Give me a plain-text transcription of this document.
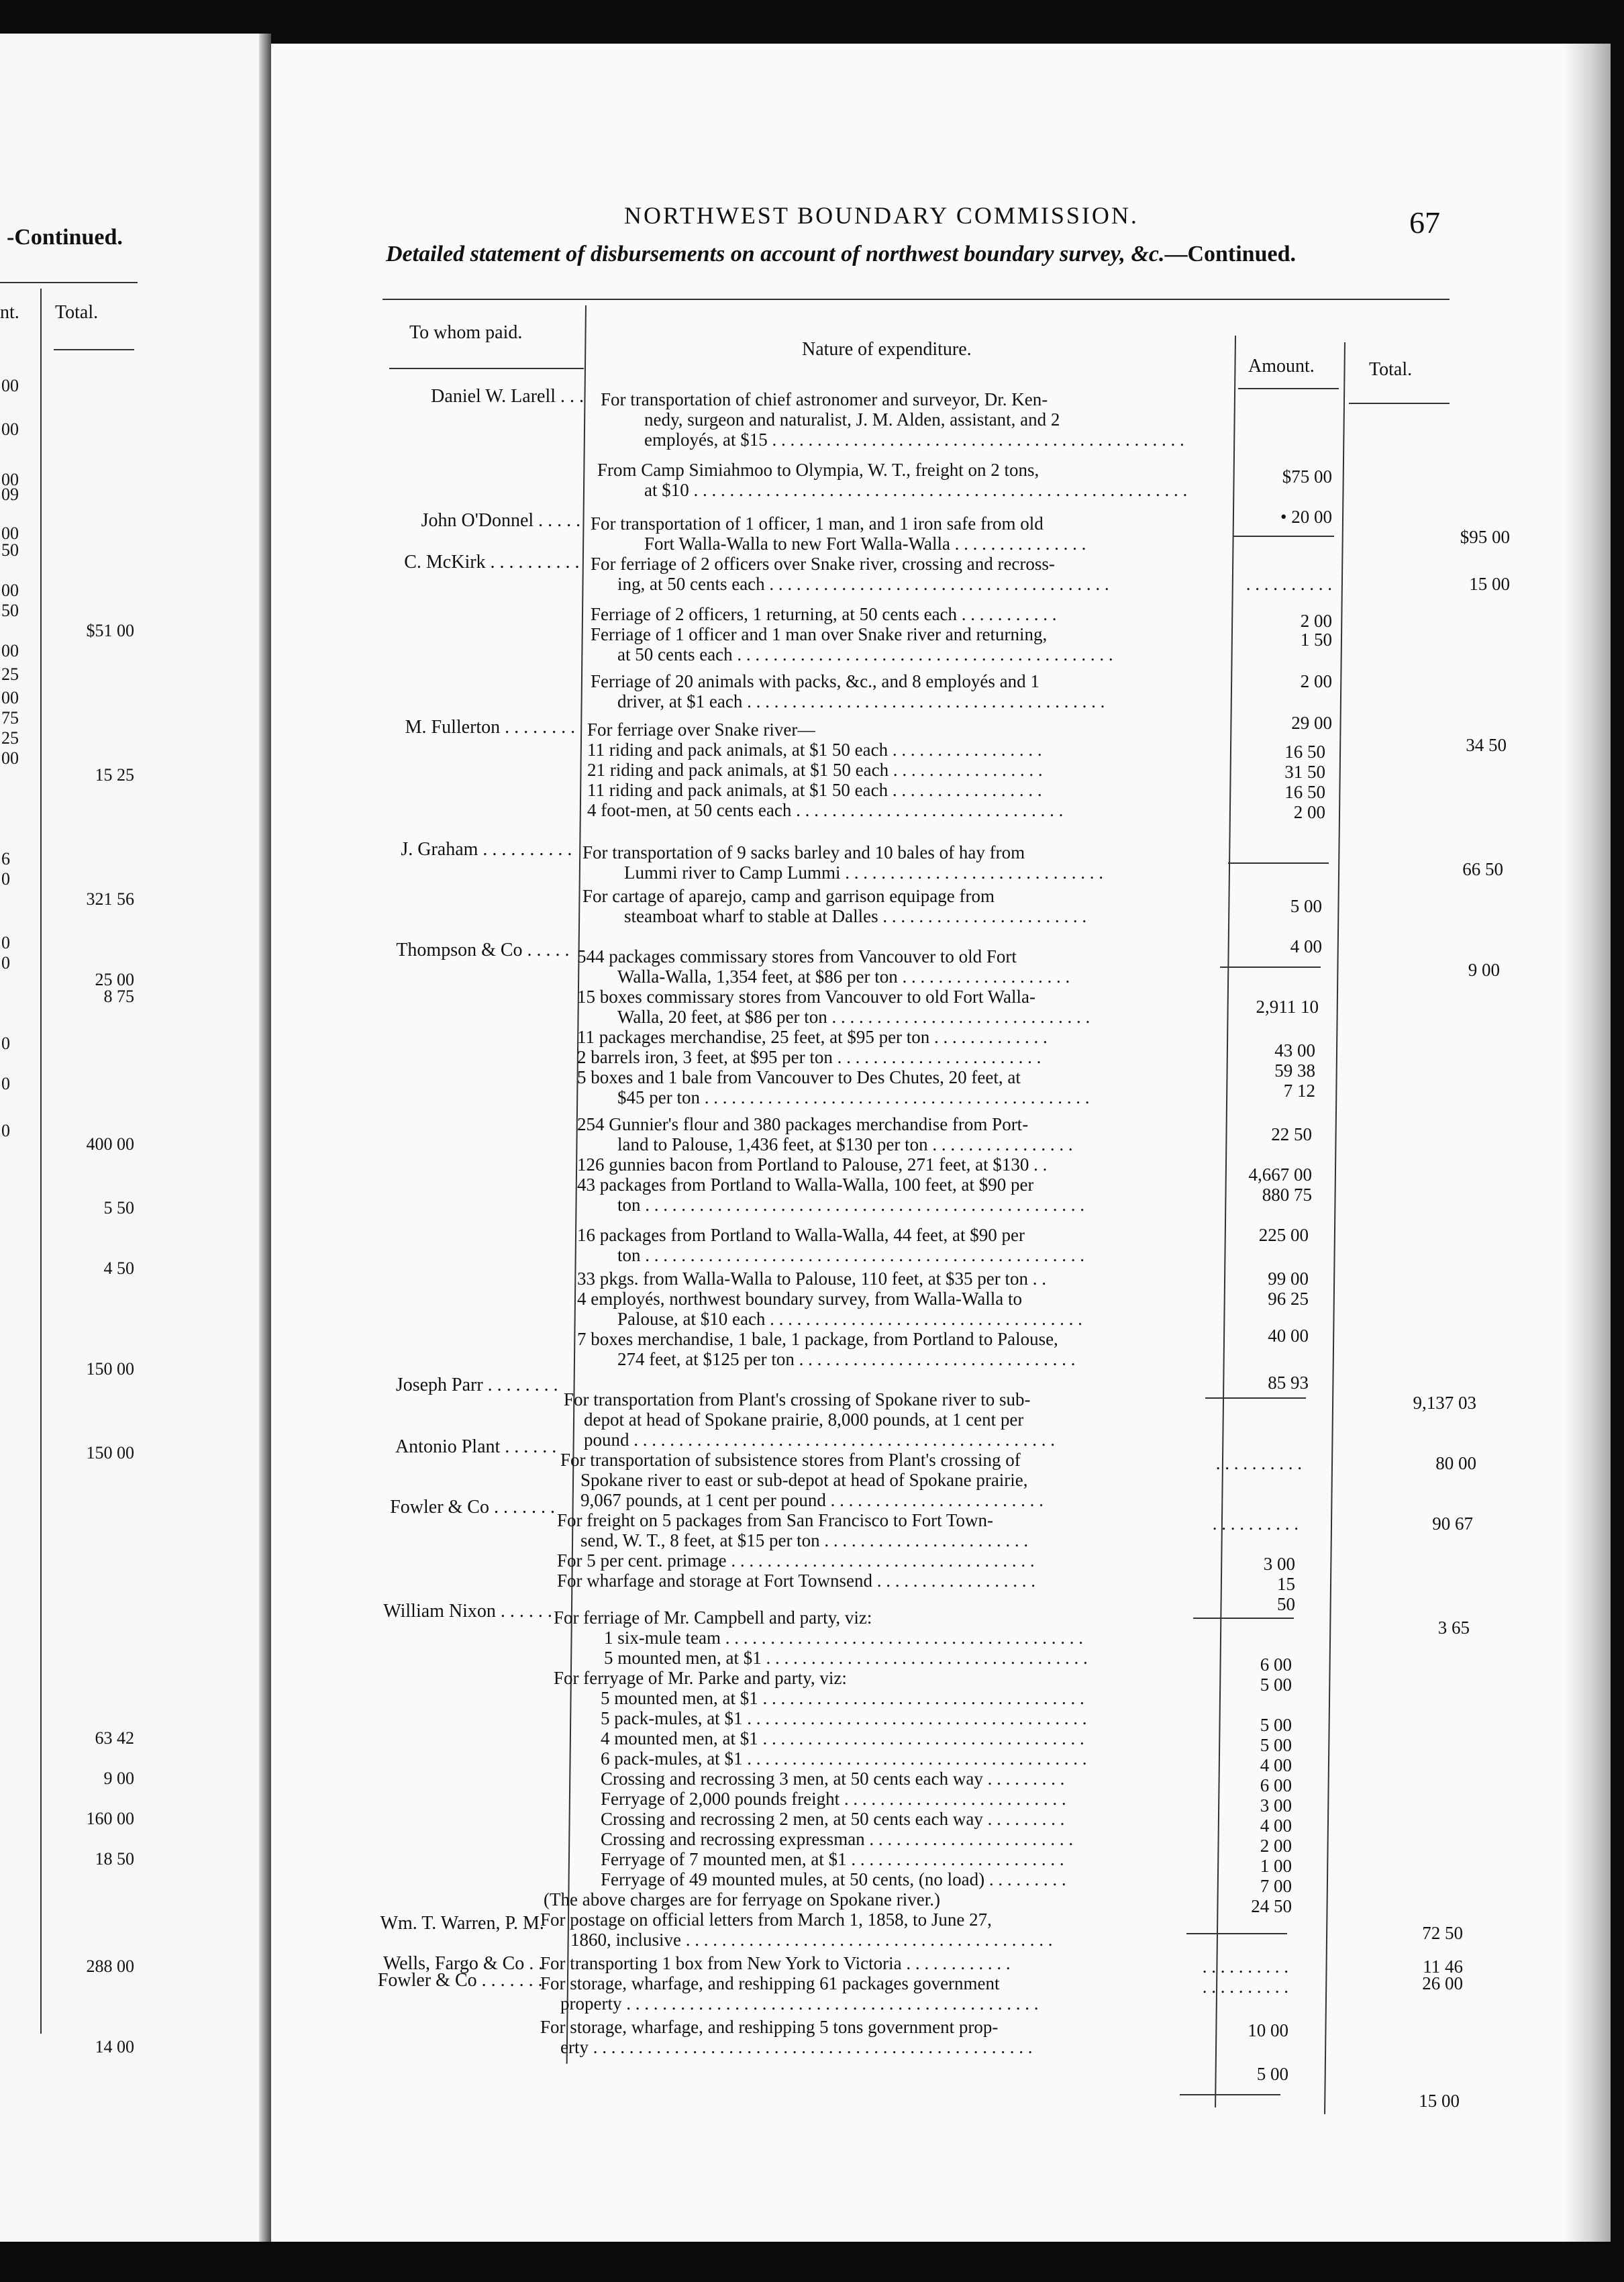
-Continued.
nt. Total.
00
00
00
09
00
50
00
50
00
25
00
75
25
00
6
0
0
0
0
0
0
$51 00
15 25
321 56
25 00
8 75
400 00
5 50
4 50
150 00
150 00
63 42
9 00
160 00
18 50
288 00
14 00
NORTHWEST BOUNDARY COMMISSION.	67
Detailed statement of disbursements on account of northwest boundary survey, &c.—Continued.
To whom paid.
Nature of expenditure.
Amount.	Total.
Daniel W. Larell . . .
John O'Donnel . . . . .
C. McKirk . . . . . . . . . .
M. Fullerton . . . . . . . .
J. Graham . . . . . . . . . .
Thompson & Co . . . . .
Joseph Parr . . . . . . . .
Antonio Plant . . . . . .
Fowler & Co . . . . . . .
William Nixon . . . . . .
Wm. T. Warren, P. M.
Wells, Fargo & Co . .
Fowler & Co . . . . . . .
For transportation of chief astronomer and surveyor, Dr. Ken-
nedy, surgeon and naturalist, J. M. Alden, assistant, and 2
employés, at $15 . . . . . . . . . . . . . . . . . . . . . . . . . . . . . . . . . . . . . . . . . . . . . .
From Camp Simiahmoo to Olympia, W. T., freight on 2 tons,
at $10 . . . . . . . . . . . . . . . . . . . . . . . . . . . . . . . . . . . . . . . . . . . . . . . . . . . . . . .
For transportation of 1 officer, 1 man, and 1 iron safe from old
Fort Walla-Walla to new Fort Walla-Walla . . . . . . . . . . . . . . .
For ferriage of 2 officers over Snake river, crossing and recross-
ing, at 50 cents each . . . . . . . . . . . . . . . . . . . . . . . . . . . . . . . . . . . . . .
Ferriage of 2 officers, 1 returning, at 50 cents each . . . . . . . . . . .
Ferriage of 1 officer and 1 man over Snake river and returning,
at 50 cents each . . . . . . . . . . . . . . . . . . . . . . . . . . . . . . . . . . . . . . . . . .
Ferriage of 20 animals with packs, &c., and 8 employés and 1
driver, at $1 each . . . . . . . . . . . . . . . . . . . . . . . . . . . . . . . . . . . . . . . .
For ferriage over Snake river—
11 riding and pack animals, at $1 50 each . . . . . . . . . . . . . . . . .
21 riding and pack animals, at $1 50 each . . . . . . . . . . . . . . . . .
11 riding and pack animals, at $1 50 each . . . . . . . . . . . . . . . . .
4 foot-men, at 50 cents each . . . . . . . . . . . . . . . . . . . . . . . . . . . . . .
For transportation of 9 sacks barley and 10 bales of hay from
Lummi river to Camp Lummi . . . . . . . . . . . . . . . . . . . . . . . . . . . . .
For cartage of aparejo, camp and garrison equipage from
steamboat wharf to stable at Dalles . . . . . . . . . . . . . . . . . . . . . . .
544 packages commissary stores from Vancouver to old Fort
Walla-Walla, 1,354 feet, at $86 per ton . . . . . . . . . . . . . . . . . . .
15 boxes commissary stores from Vancouver to old Fort Walla-
Walla, 20 feet, at $86 per ton . . . . . . . . . . . . . . . . . . . . . . . . . . . . .
11 packages merchandise, 25 feet, at $95 per ton . . . . . . . . . . . . .
2 barrels iron, 3 feet, at $95 per ton . . . . . . . . . . . . . . . . . . . . . . .
5 boxes and 1 bale from Vancouver to Des Chutes, 20 feet, at
$45 per ton . . . . . . . . . . . . . . . . . . . . . . . . . . . . . . . . . . . . . . . . . . .
254 Gunnier's flour and 380 packages merchandise from Port-
land to Palouse, 1,436 feet, at $130 per ton . . . . . . . . . . . . . . . .
126 gunnies bacon from Portland to Palouse, 271 feet, at $130 . .
43 packages from Portland to Walla-Walla, 100 feet, at $90 per
ton . . . . . . . . . . . . . . . . . . . . . . . . . . . . . . . . . . . . . . . . . . . . . . . . .
16 packages from Portland to Walla-Walla, 44 feet, at $90 per
ton . . . . . . . . . . . . . . . . . . . . . . . . . . . . . . . . . . . . . . . . . . . . . . . . .
33 pkgs. from Walla-Walla to Palouse, 110 feet, at $35 per ton . .
4 employés, northwest boundary survey, from Walla-Walla to
Palouse, at $10 each . . . . . . . . . . . . . . . . . . . . . . . . . . . . . . . . . . .
7 boxes merchandise, 1 bale, 1 package, from Portland to Palouse,
274 feet, at $125 per ton . . . . . . . . . . . . . . . . . . . . . . . . . . . . . . .
For transportation from Plant's crossing of Spokane river to sub-
depot at head of Spokane prairie, 8,000 pounds, at 1 cent per
pound . . . . . . . . . . . . . . . . . . . . . . . . . . . . . . . . . . . . . . . . . . . . . . .
For transportation of subsistence stores from Plant's crossing of
Spokane river to east or sub-depot at head of Spokane prairie,
9,067 pounds, at 1 cent per pound . . . . . . . . . . . . . . . . . . . . . . . .
For freight on 5 packages from San Francisco to Fort Town-
send, W. T., 8 feet, at $15 per ton . . . . . . . . . . . . . . . . . . . . . . .
For 5 per cent. primage . . . . . . . . . . . . . . . . . . . . . . . . . . . . . . . . . .
For wharfage and storage at Fort Townsend . . . . . . . . . . . . . . . . . .
For ferriage of Mr. Campbell and party, viz:
1 six-mule team . . . . . . . . . . . . . . . . . . . . . . . . . . . . . . . . . . . . . . . .
5 mounted men, at $1 . . . . . . . . . . . . . . . . . . . . . . . . . . . . . . . . . . . .
For ferryage of Mr. Parke and party, viz:
5 mounted men, at $1 . . . . . . . . . . . . . . . . . . . . . . . . . . . . . . . . . . . .
5 pack-mules, at $1 . . . . . . . . . . . . . . . . . . . . . . . . . . . . . . . . . . . . . .
4 mounted men, at $1 . . . . . . . . . . . . . . . . . . . . . . . . . . . . . . . . . . . .
6 pack-mules, at $1 . . . . . . . . . . . . . . . . . . . . . . . . . . . . . . . . . . . . . .
Crossing and recrossing 3 men, at 50 cents each way . . . . . . . . .
Ferryage of 2,000 pounds freight . . . . . . . . . . . . . . . . . . . . . . . . .
Crossing and recrossing 2 men, at 50 cents each way . . . . . . . . .
Crossing and recrossing expressman . . . . . . . . . . . . . . . . . . . . . . .
Ferryage of 7 mounted men, at $1 . . . . . . . . . . . . . . . . . . . . . . . .
Ferryage of 49 mounted mules, at 50 cents, (no load) . . . . . . . . .
(The above charges are for ferryage on Spokane river.)
For postage on official letters from March 1, 1858, to June 27,
1860, inclusive . . . . . . . . . . . . . . . . . . . . . . . . . . . . . . . . . . . . . . . . .
For transporting 1 box from New York to Victoria . . . . . . . . . . . .
For storage, wharfage, and reshipping 61 packages government
property . . . . . . . . . . . . . . . . . . . . . . . . . . . . . . . . . . . . . . . . . . . . . .
For storage, wharfage, and reshipping 5 tons government prop-
erty . . . . . . . . . . . . . . . . . . . . . . . . . . . . . . . . . . . . . . . . . . . . . . . . .
$75 00
• 20 00
. . . . . . . . . .
2 00
1 50
2 00
29 00
16 50
31 50
16 50
2 00
5 00
4 00
2,911 10
43 00
59 38
7 12
22 50
4,667 00
880 75
225 00
99 00
96 25
40 00
85 93
. . . . . . . . . .
. . . . . . . . . .
3 00
15
50
6 00
5 00
5 00
5 00
4 00
6 00
3 00
4 00
2 00
1 00
7 00
24 50
. . . . . . . . . .
. . . . . . . . . .
10 00
5 00
$95 00
15 00
34 50
66 50
9 00
9,137 03
80 00
90 67
3 65
72 50
11 46
26 00
15 00
